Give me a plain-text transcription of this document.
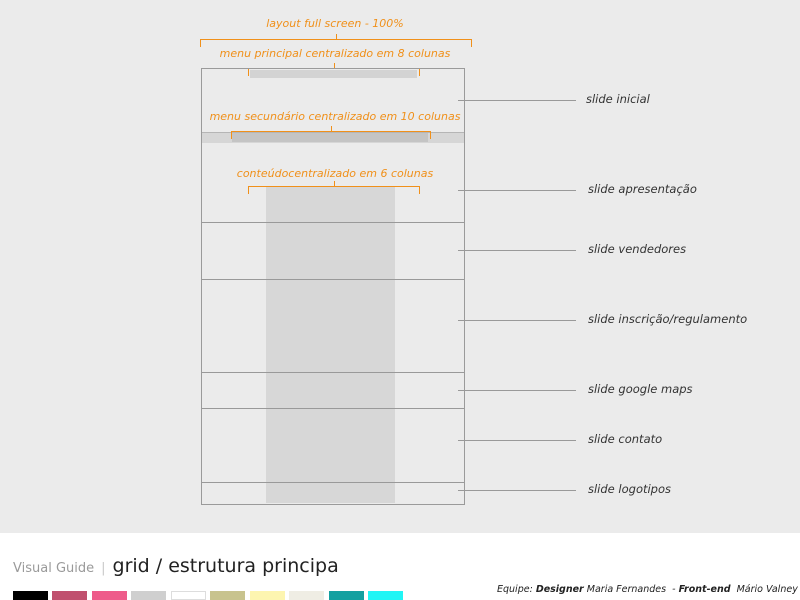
layout full screen - 100%
menu principal centralizado em 8 colunas
menu secundário centralizado em 10 colunas
conteúdocentralizado em 6 colunas
slide inicial
slide apresentação
slide vendedores
slide inscrição/regulamento
slide google maps
slide contato
slide logotipos
Visual Guide | grid / estrutura principa
Equipe: Designer Maria Fernandes - Front-end Mário Valney
